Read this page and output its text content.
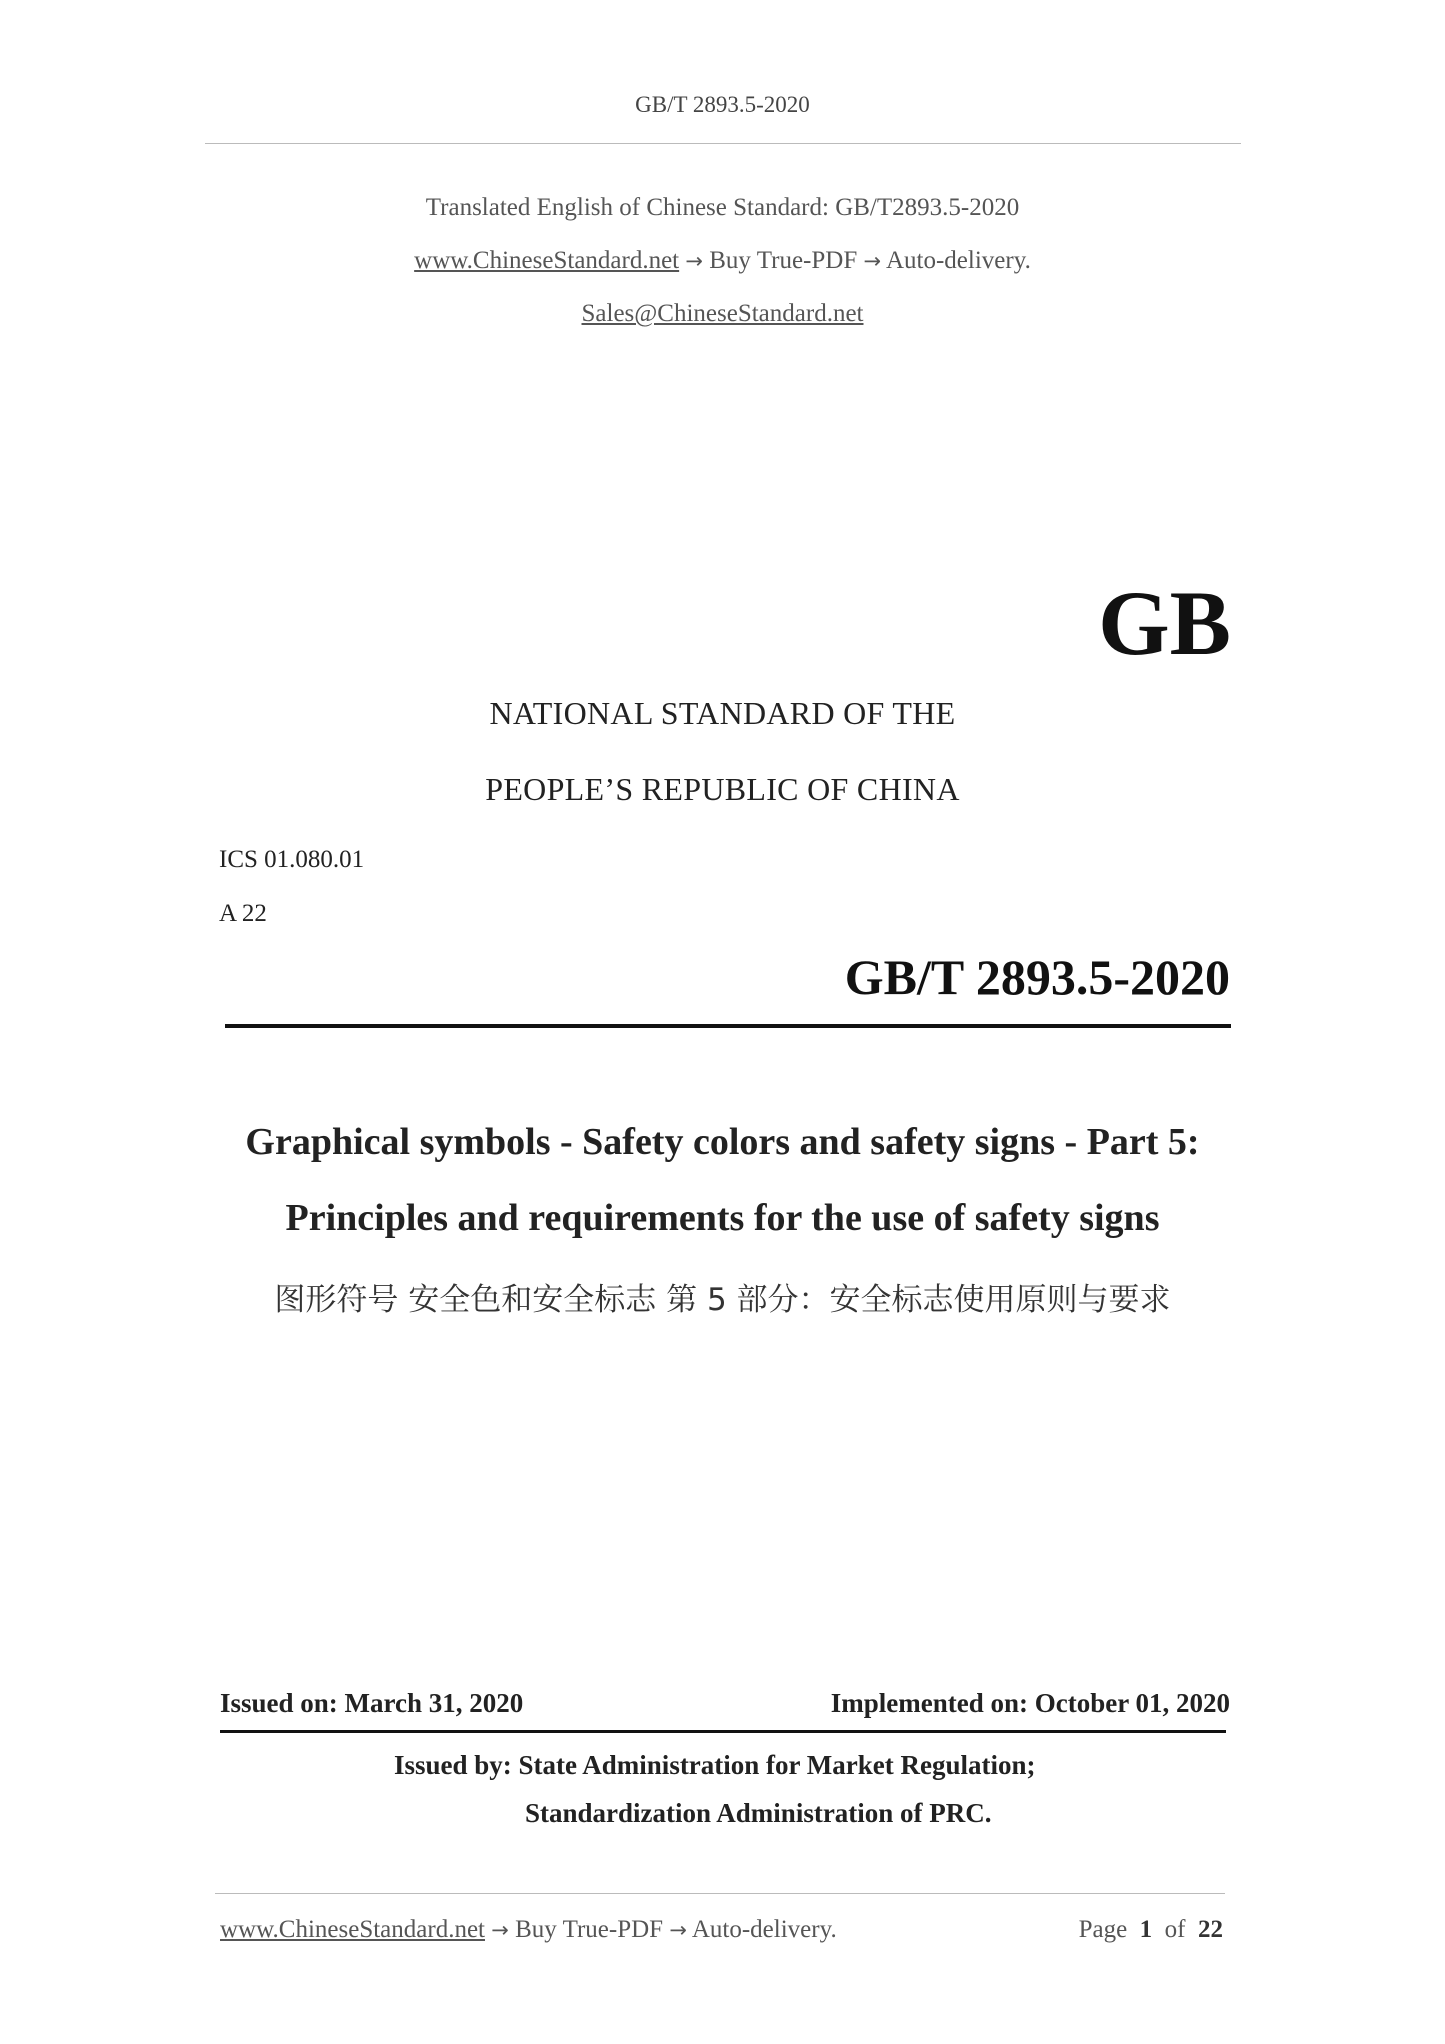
GB/T 2893.5-2020
Translated English of Chinese Standard: GB/T2893.5-2020
www.ChineseStandard.net → Buy True-PDF → Auto-delivery.
Sales@ChineseStandard.net
GB
NATIONAL STANDARD OF THE
PEOPLE’S REPUBLIC OF CHINA
ICS 01.080.01
A 22
GB/T 2893.5-2020
Graphical symbols - Safety colors and safety signs - Part 5:
Principles and requirements for the use of safety signs
图形符号 安全色和安全标志 第 5 部分：安全标志使用原则与要求
Issued on: March 31, 2020	Implemented on: October 01, 2020
Issued by: State Administration for Market Regulation;
Standardization Administration of PRC.
www.ChineseStandard.net → Buy True-PDF → Auto-delivery.	Page 1 of 22
